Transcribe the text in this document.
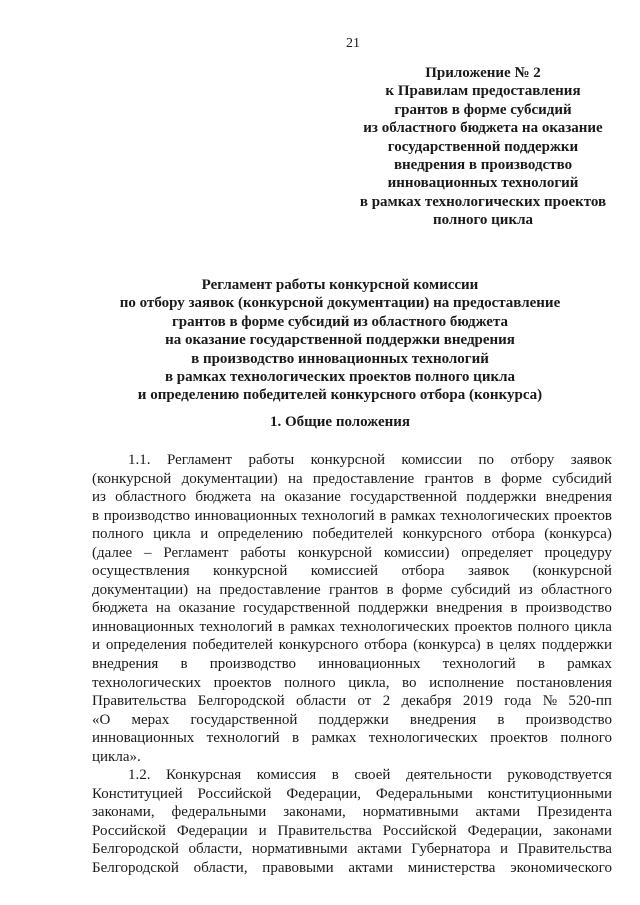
21
Приложение № 2
к Правилам предоставления
грантов в форме субсидий
из областного бюджета на оказание
государственной поддержки
внедрения в производство
инновационных технологий
в рамках технологических проектов
полного цикла
Регламент работы конкурсной комиссии
по отбору заявок (конкурсной документации) на предоставление
грантов в форме субсидий из областного бюджета
на оказание государственной поддержки внедрения
в производство инновационных технологий
в рамках технологических проектов полного цикла
и определению победителей конкурсного отбора (конкурса)
1. Общие положения
1.1. Регламент работы конкурсной комиссии по отбору заявок
(конкурсной документации) на предоставление грантов в форме субсидий
из областного бюджета на оказание государственной поддержки внедрения
в производство инновационных технологий в рамках технологических проектов
полного цикла и определению победителей конкурсного отбора (конкурса)
(далее – Регламент работы конкурсной комиссии) определяет процедуру
осуществления конкурсной комиссией отбора заявок (конкурсной
документации) на предоставление грантов в форме субсидий из областного
бюджета на оказание государственной поддержки внедрения в производство
инновационных технологий в рамках технологических проектов полного цикла
и определения победителей конкурсного отбора (конкурса) в целях поддержки
внедрения в производство инновационных технологий в рамках
технологических проектов полного цикла, во исполнение постановления
Правительства Белгородской области от 2 декабря 2019 года № 520-пп
«О мерах государственной поддержки внедрения в производство
инновационных технологий в рамках технологических проектов полного
цикла».
1.2. Конкурсная комиссия в своей деятельности руководствуется
Конституцией Российской Федерации, Федеральными конституционными
законами, федеральными законами, нормативными актами Президента
Российской Федерации и Правительства Российской Федерации, законами
Белгородской области, нормативными актами Губернатора и Правительства
Белгородской области, правовыми актами министерства экономического
